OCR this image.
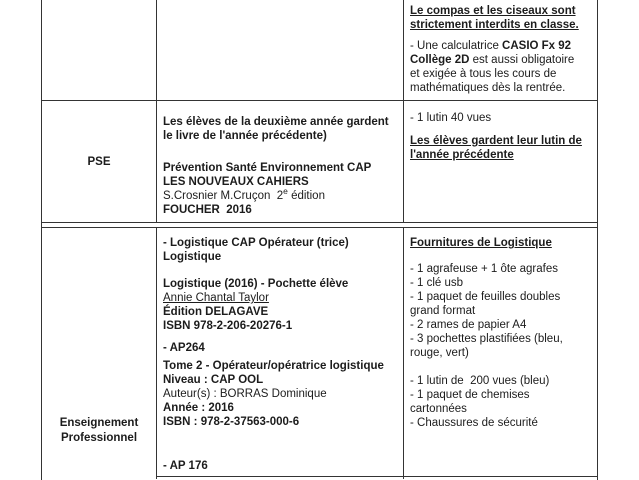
Le compas et les ciseaux sont
strictement interdits en classe.
- Une calculatrice CASIO Fx 92
Collège 2D est aussi obligatoire
et exigée à tous les cours de
mathématiques dès la rentrée.
PSE
Les élèves de la deuxième année gardent
le livre de l'année précédente)
Prévention Santé Environnement CAP
LES NOUVEAUX CAHIERS
S.Crosnier M.Cruçon  2e édition
FOUCHER  2016
- 1 lutin 40 vues
Les élèves gardent leur lutin de
l'année précédente
Enseignement
Professionnel
- Logistique CAP Opérateur (trice)
Logistique
Logistique (2016) - Pochette élève
Annie Chantal Taylor
Édition DELAGAVE
ISBN 978-2-206-20276-1
- AP264
Tome 2 - Opérateur/opératrice logistique
Niveau : CAP OOL
Auteur(s) : BORRAS Dominique
Année : 2016
ISBN : 978-2-37563-000-6
- AP 176
Fournitures de Logistique
- 1 agrafeuse + 1 ôte agrafes
- 1 clé usb
- 1 paquet de feuilles doubles
grand format
- 2 rames de papier A4
- 3 pochettes plastifiées (bleu,
rouge, vert)
- 1 lutin de  200 vues (bleu)
- 1 paquet de chemises
cartonnées
- Chaussures de sécurité
